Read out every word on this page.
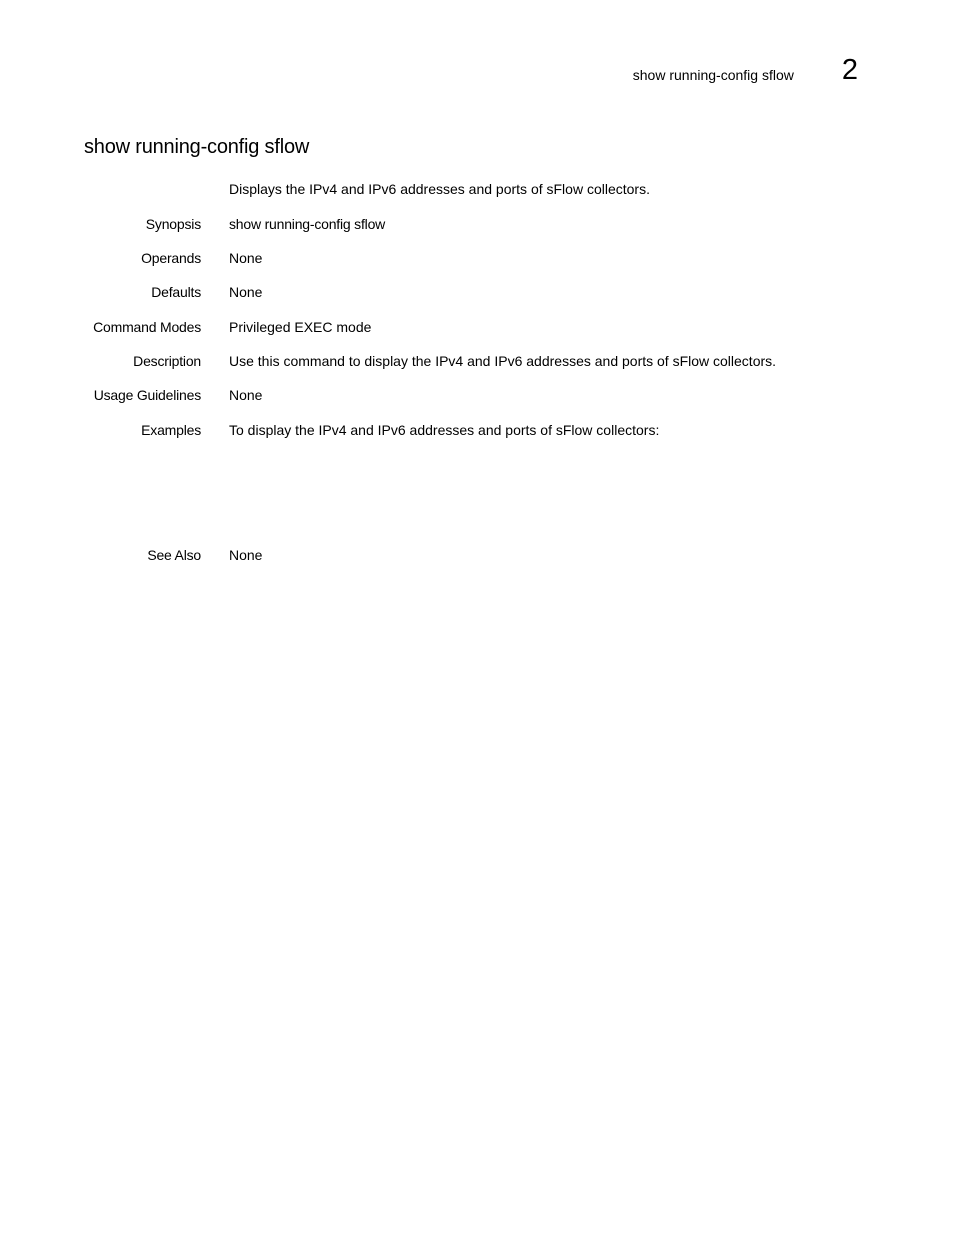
show running-config sflow 2
show running-config sflow
Displays the IPv4 and IPv6 addresses and ports of sFlow collectors.
Synopsis show running-config sflow
Operands None
Defaults None
Command Modes Privileged EXEC mode
Description Use this command to display the IPv4 and IPv6 addresses and ports of sFlow collectors.
Usage Guidelines None
Examples To display the IPv4 and IPv6 addresses and ports of sFlow collectors:
See Also None
